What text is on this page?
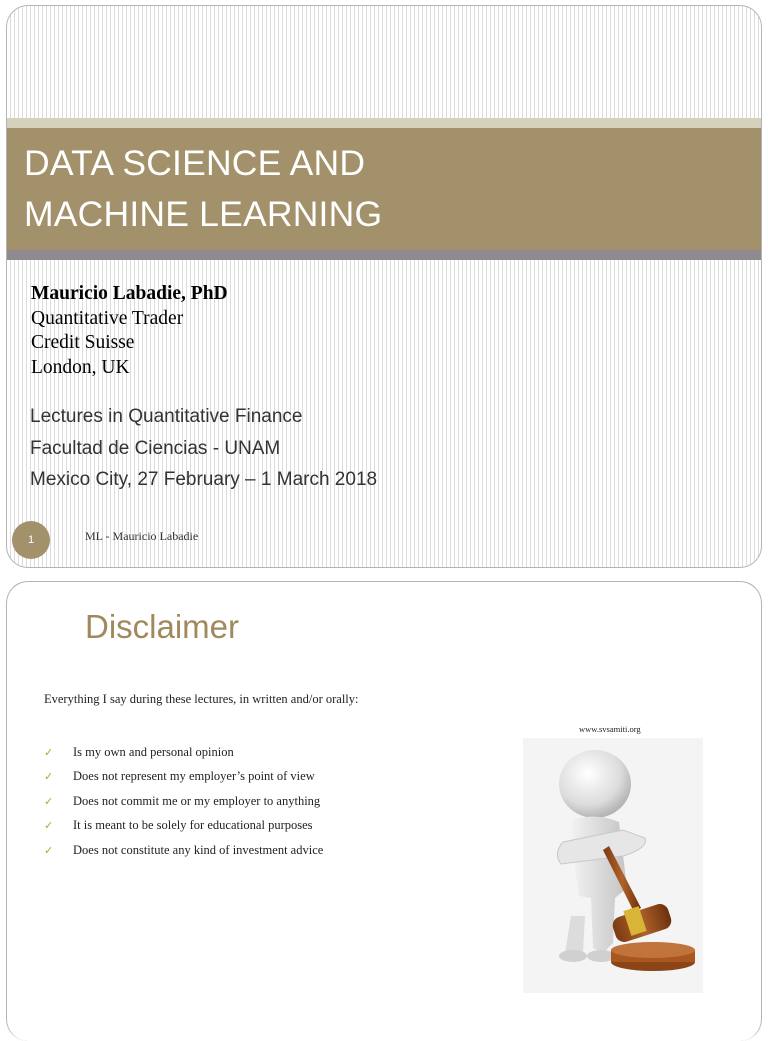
DATA SCIENCE AND
MACHINE LEARNING
Mauricio Labadie, PhD
Quantitative Trader
Credit Suisse
London, UK
Lectures in Quantitative Finance
Facultad de Ciencias - UNAM
Mexico City, 27 February – 1 March 2018
1	ML - Mauricio Labadie
Disclaimer
Everything I say during these lectures, in written and/or orally:
✓	Is my own and personal opinion
✓	Does not represent my employer’s point of view
✓	Does not commit me or my employer to anything
✓	It is meant to be solely for educational purposes
✓	Does not constitute any kind of investment advice
www.svsamiti.org
